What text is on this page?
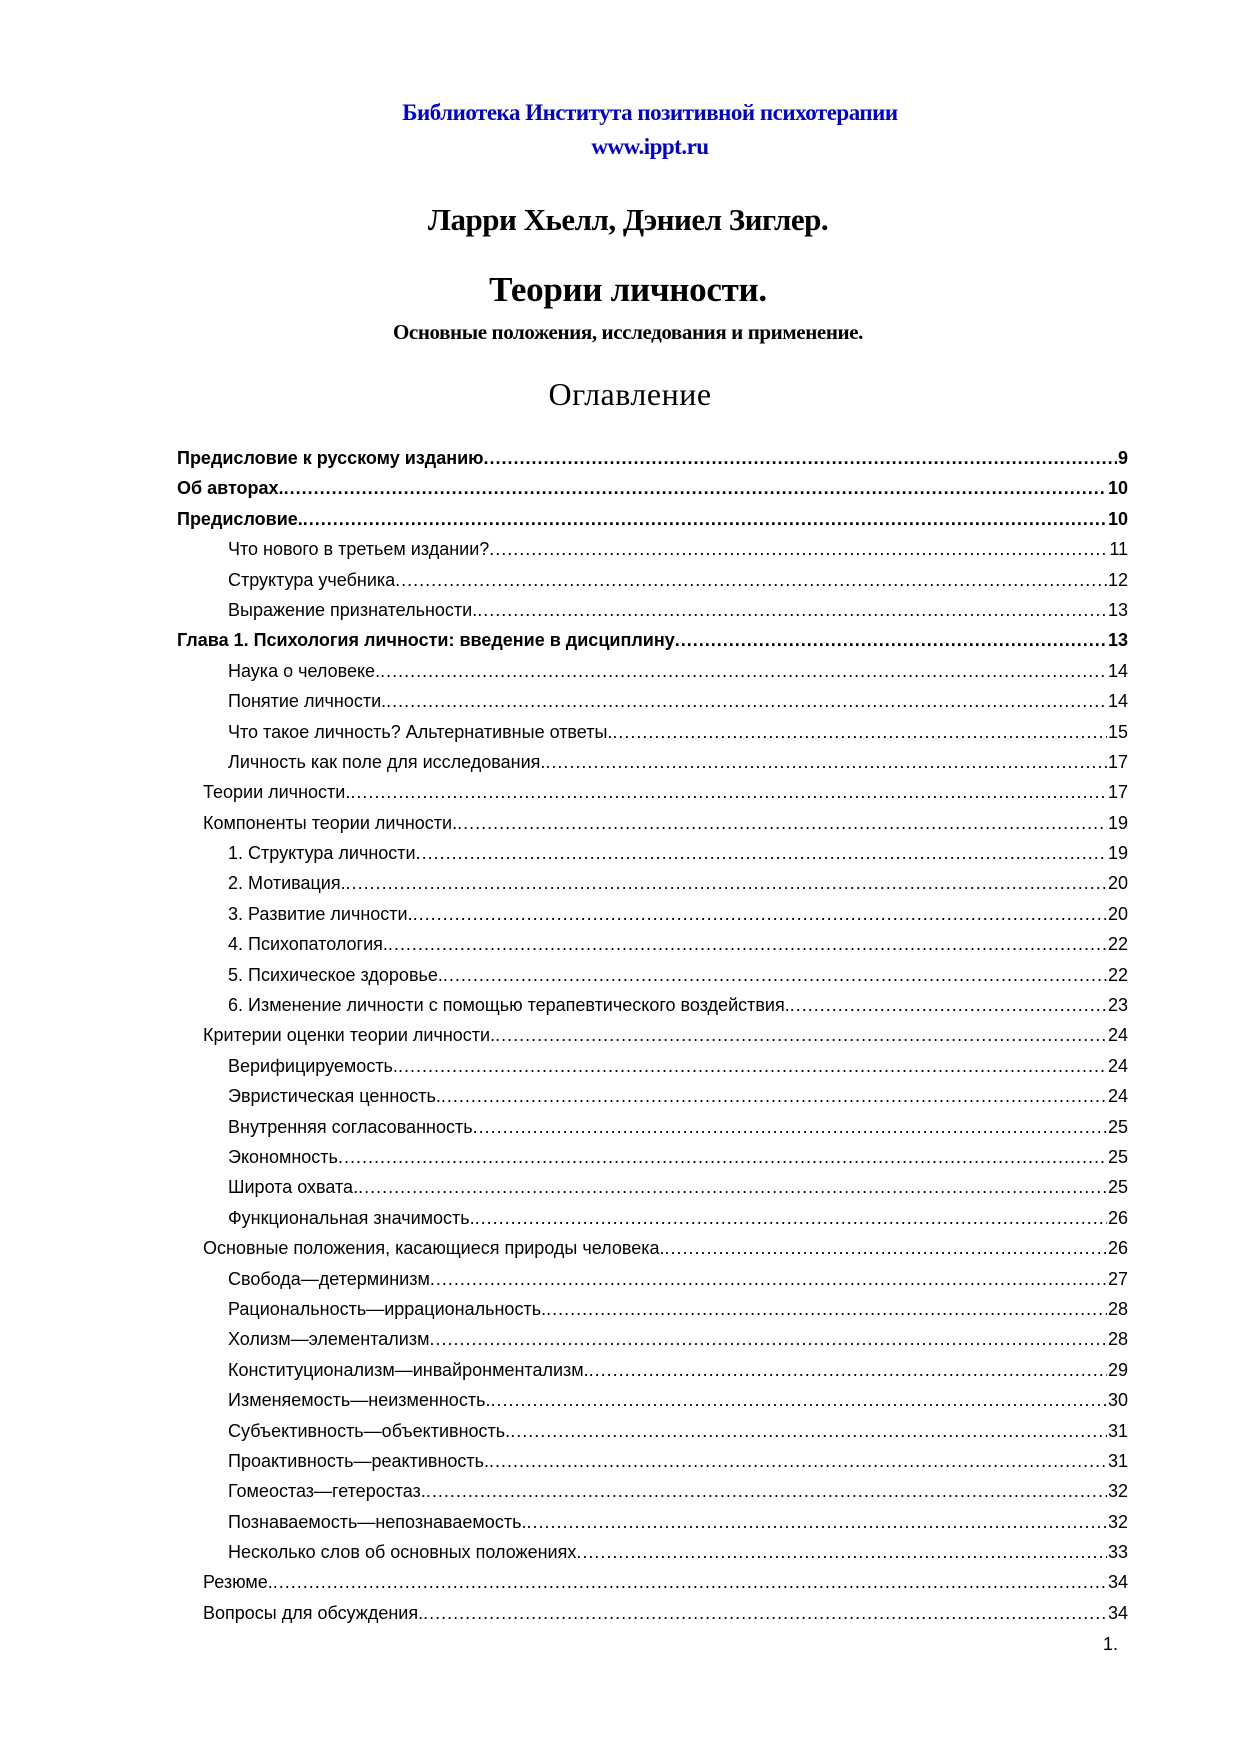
Библиотека Института позитивной психотерапии
www.ippt.ru
Ларри Хьелл, Дэниел Зиглер.
Теории личности.
Основные положения, исследования и применение.
Оглавление
Предисловие к русскому изданию .....	9
Об авторах. .....	10
Предисловие. .....	10
Что нового в третьем издании? .....	11
Структура учебника .....	12
Выражение признательности. .....	13
Глава 1. Психология личности: введение в дисциплину .....	13
Наука о человеке. .....	14
Понятие личности. .....	14
Что такое личность? Альтернативные ответы. .....	15
Личность как поле для исследования. .....	17
Теории личности. .....	17
Компоненты теории личности. .....	19
1. Структура личности .....	19
2. Мотивация. .....	20
3. Развитие личности. .....	20
4. Психопатология. .....	22
5. Психическое здоровье. .....	22
6. Изменение личности с помощью терапевтического воздействия. .....	23
Критерии оценки теории личности. .....	24
Верифицируемость. .....	24
Эвристическая ценность. .....	24
Внутренняя согласованность .....	25
Экономность .....	25
Широта охвата. .....	25
Функциональная значимость. .....	26
Основные положения, касающиеся природы человека. .....	26
Свобода—детерминизм .....	27
Рациональность—иррациональность. .....	28
Холизм—элементализм .....	28
Конституционализм—инвайронментализм. .....	29
Изменяемость—неизменность. .....	30
Субъективность—объективность. .....	31
Проактивность—реактивность. .....	31
Гомеостаз—гетеростаз. .....	32
Познаваемость—непознаваемость. .....	32
Несколько слов об основных положениях .....	33
Резюме. .....	34
Вопросы для обсуждения. .....	34
1.
